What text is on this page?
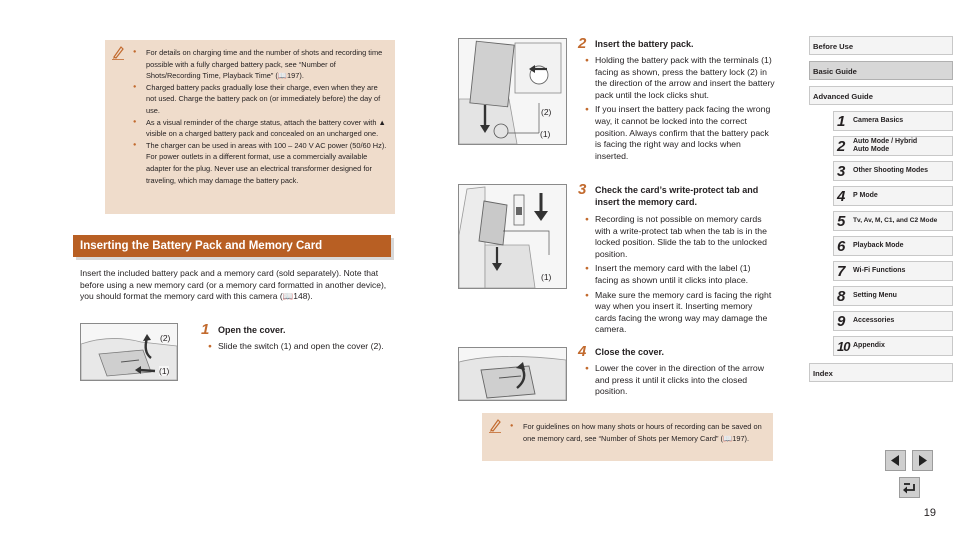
● For details on charging time and the number of shots and recording time possible with a fully charged battery pack, see “Number of Shots/Recording Time, Playback Time” (📖197).

● Charged battery packs gradually lose their charge, even when they are not used. Charge the battery pack on (or immediately before) the day of use.

● As a visual reminder of the charge status, attach the battery cover with ▲ visible on a charged battery pack and concealed on an uncharged one.

● The charger can be used in areas with 100 – 240 V AC power (50/60 Hz). For power outlets in a different format, use a commercially available adapter for the plug. Never use an electrical transformer designed for traveling, which may damage the battery pack.

Inserting the Battery Pack and Memory Card

Insert the included battery pack and a memory card (sold separately). Note that before using a new memory card (or a memory card formatted in another device), you should format the memory card with this camera (📖148).

(2)
(1)
1 Open the cover.

● Slide the switch (1) and open the cover (2).

(2)
(1)
2 Insert the battery pack.

● Holding the battery pack with the terminals (1) facing as shown, press the battery lock (2) in the direction of the arrow and insert the battery pack until the lock clicks shut.

● If you insert the battery pack facing the wrong way, it cannot be locked into the correct position. Always confirm that the battery pack is facing the right way and locks when inserted.

(1)
3 Check the card’s write-protect tab and insert the memory card.

● Recording is not possible on memory cards with a write-protect tab when the tab is in the locked position. Slide the tab to the unlocked position.

● Insert the memory card with the label (1) facing as shown until it clicks into place.

● Make sure the memory card is facing the right way when you insert it. Inserting memory cards facing the wrong way may damage the camera.

4 Close the cover.

● Lower the cover in the direction of the arrow and press it until it clicks into the closed position.

● For guidelines on how many shots or hours of recording can be saved on one memory card, see “Number of Shots per Memory Card” (📖197).

Before Use
Basic Guide
Advanced Guide
1 Camera Basics
2 Auto Mode / Hybrid Auto Mode
3 Other Shooting Modes
4 P Mode
5 Tv, Av, M, C1, and C2 Mode
6 Playback Mode
7 Wi-Fi Functions
8 Setting Menu
9 Accessories
10 Appendix
Index
19
